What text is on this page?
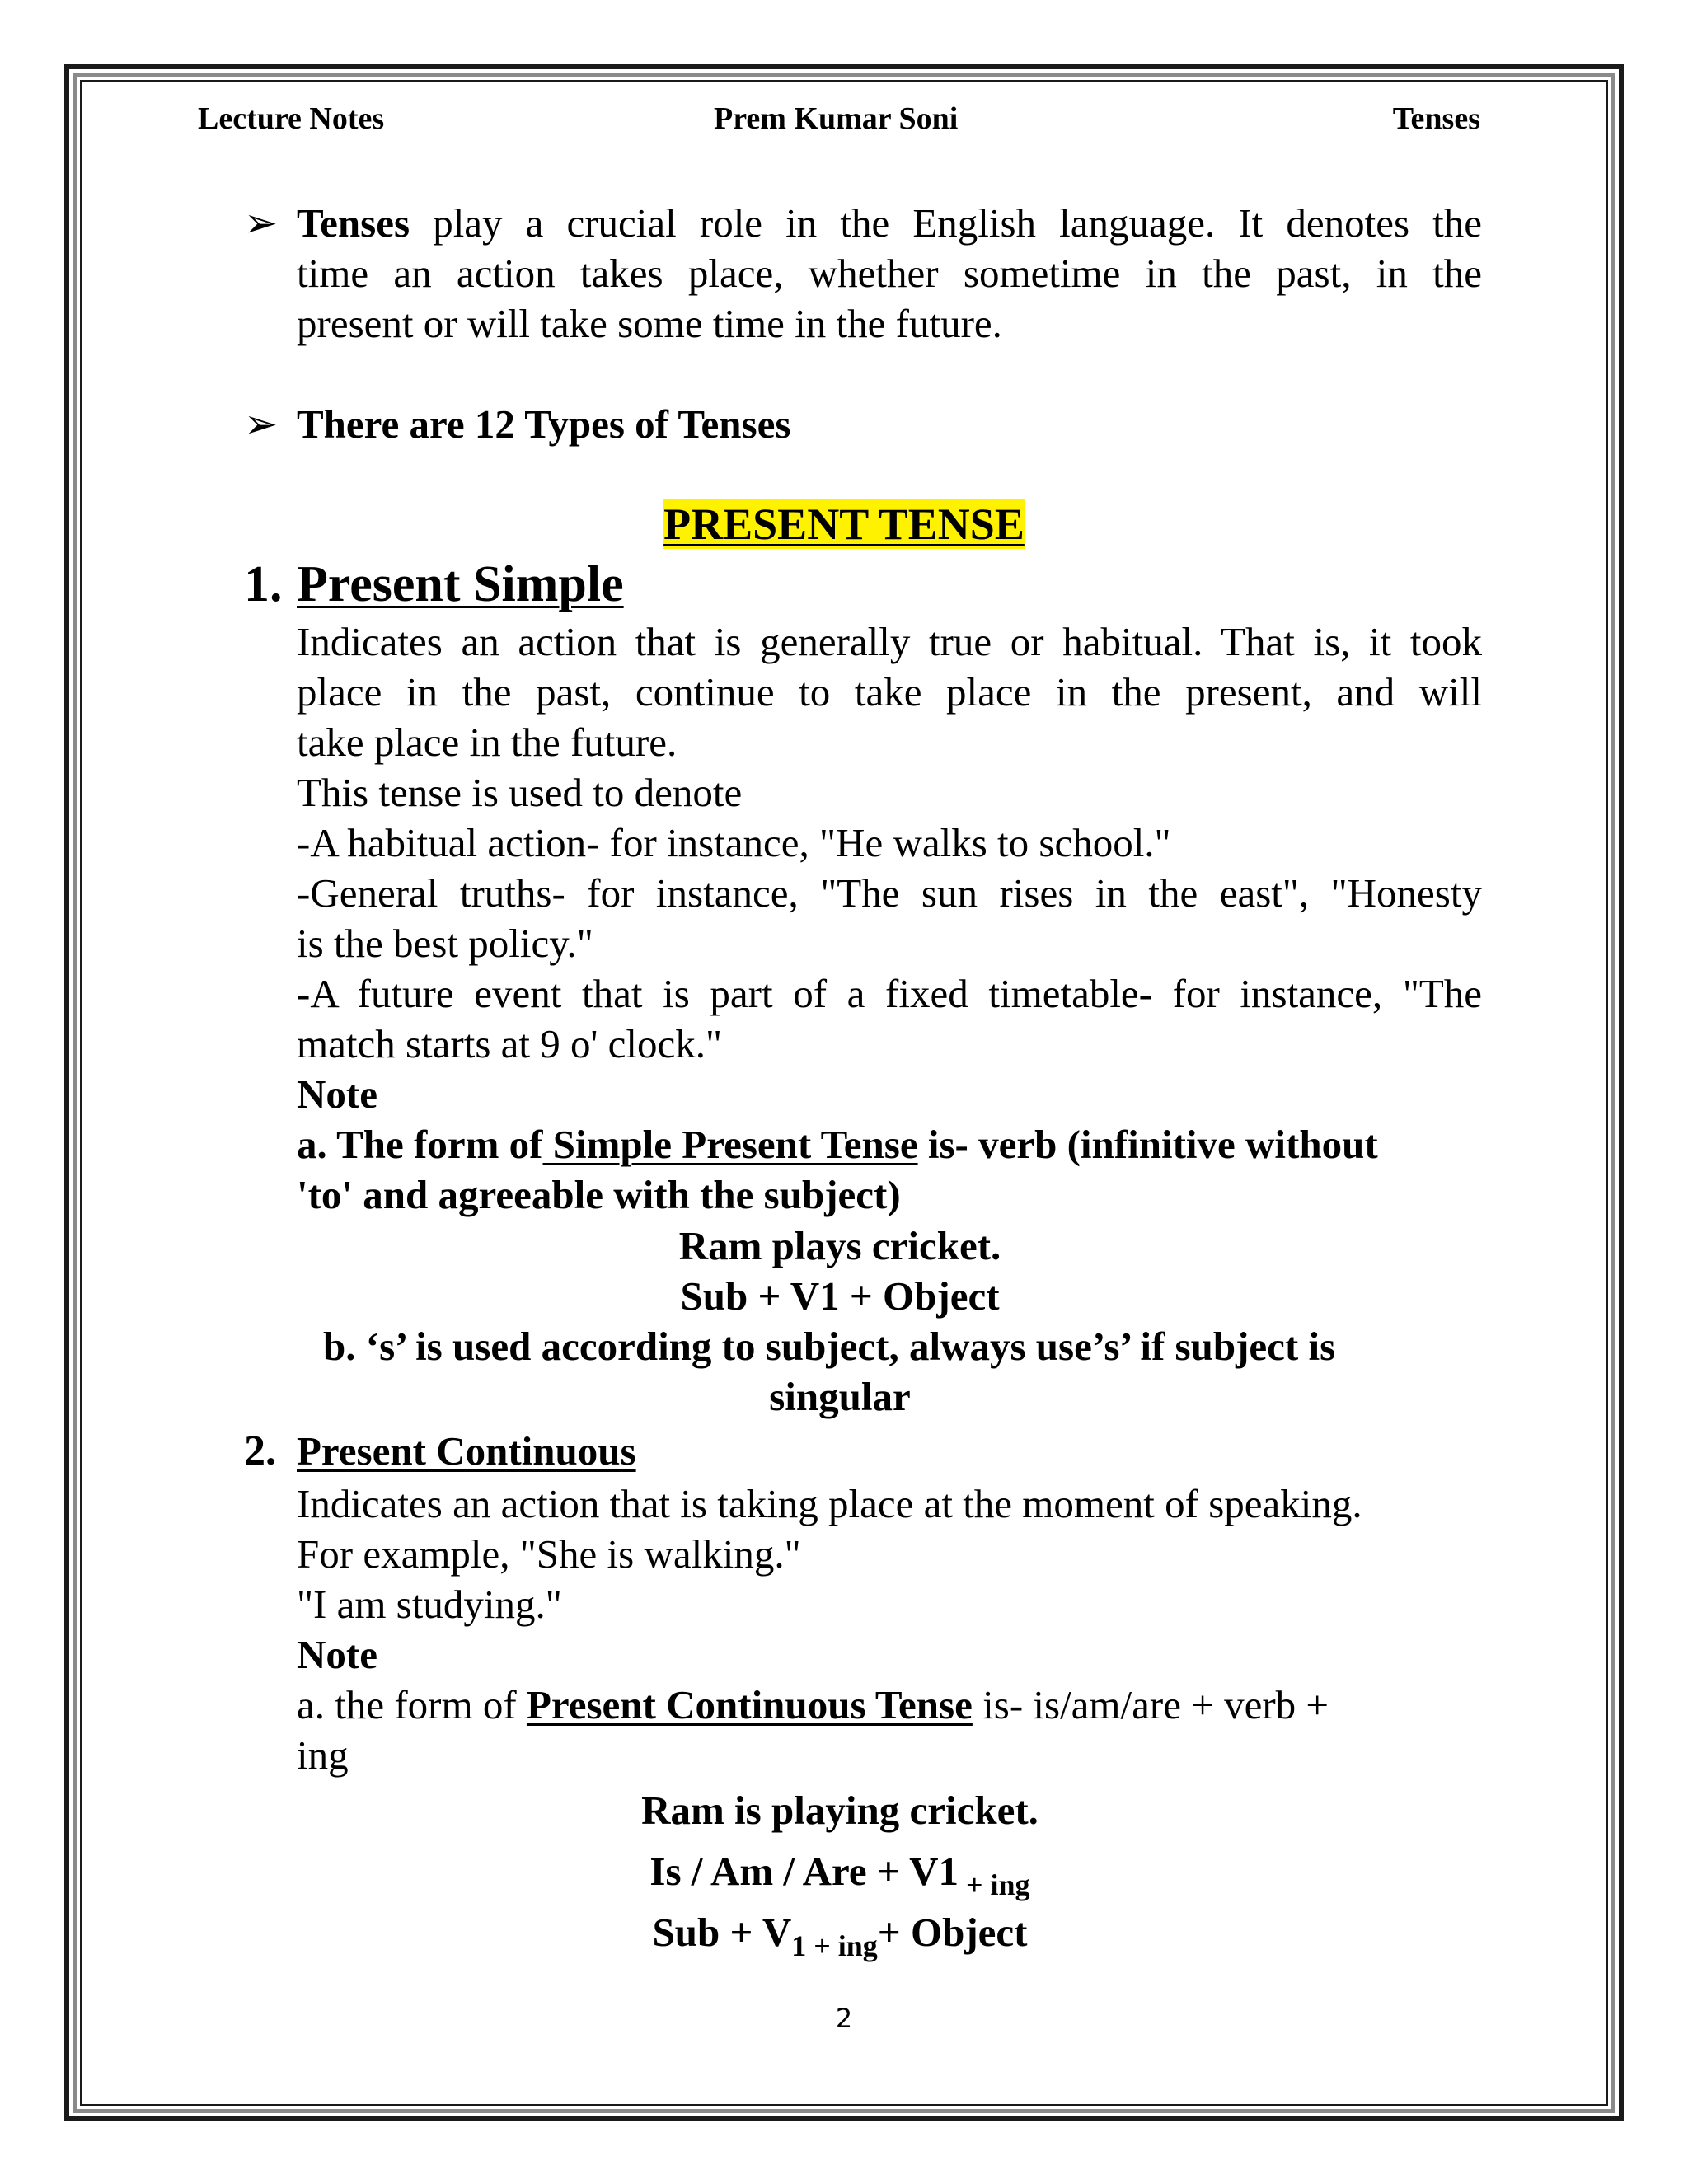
Lecture Notes	Prem Kumar Soni	Tenses
➢ Tenses play a crucial role in the English language. It denotes the
time an action takes place, whether sometime in the past, in the
present or will take some time in the future.
➢ There are 12 Types of Tenses
PRESENT TENSE
1. Present Simple
Indicates an action that is generally true or habitual. That is, it took
place in the past, continue to take place in the present, and will
take place in the future.
This tense is used to denote
-A habitual action- for instance, "He walks to school."
-General truths- for instance, "The sun rises in the east", "Honesty
is the best policy."
-A future event that is part of a fixed timetable- for instance, "The
match starts at 9 o' clock."
Note
a. The form of Simple Present Tense is- verb (infinitive without
'to' and agreeable with the subject)
Ram plays cricket.
Sub + V1 + Object
b. ‘s’ is used according to subject, always use’s’ if subject is
singular
2. Present Continuous
Indicates an action that is taking place at the moment of speaking.
For example, "She is walking."
"I am studying."
Note
a. the form of Present Continuous Tense is- is/am/are + verb +
ing
Ram is playing cricket.
Is / Am / Are + V1 $_{+ ing}$
Sub + $V_{1 + ing}+$ Object
2
